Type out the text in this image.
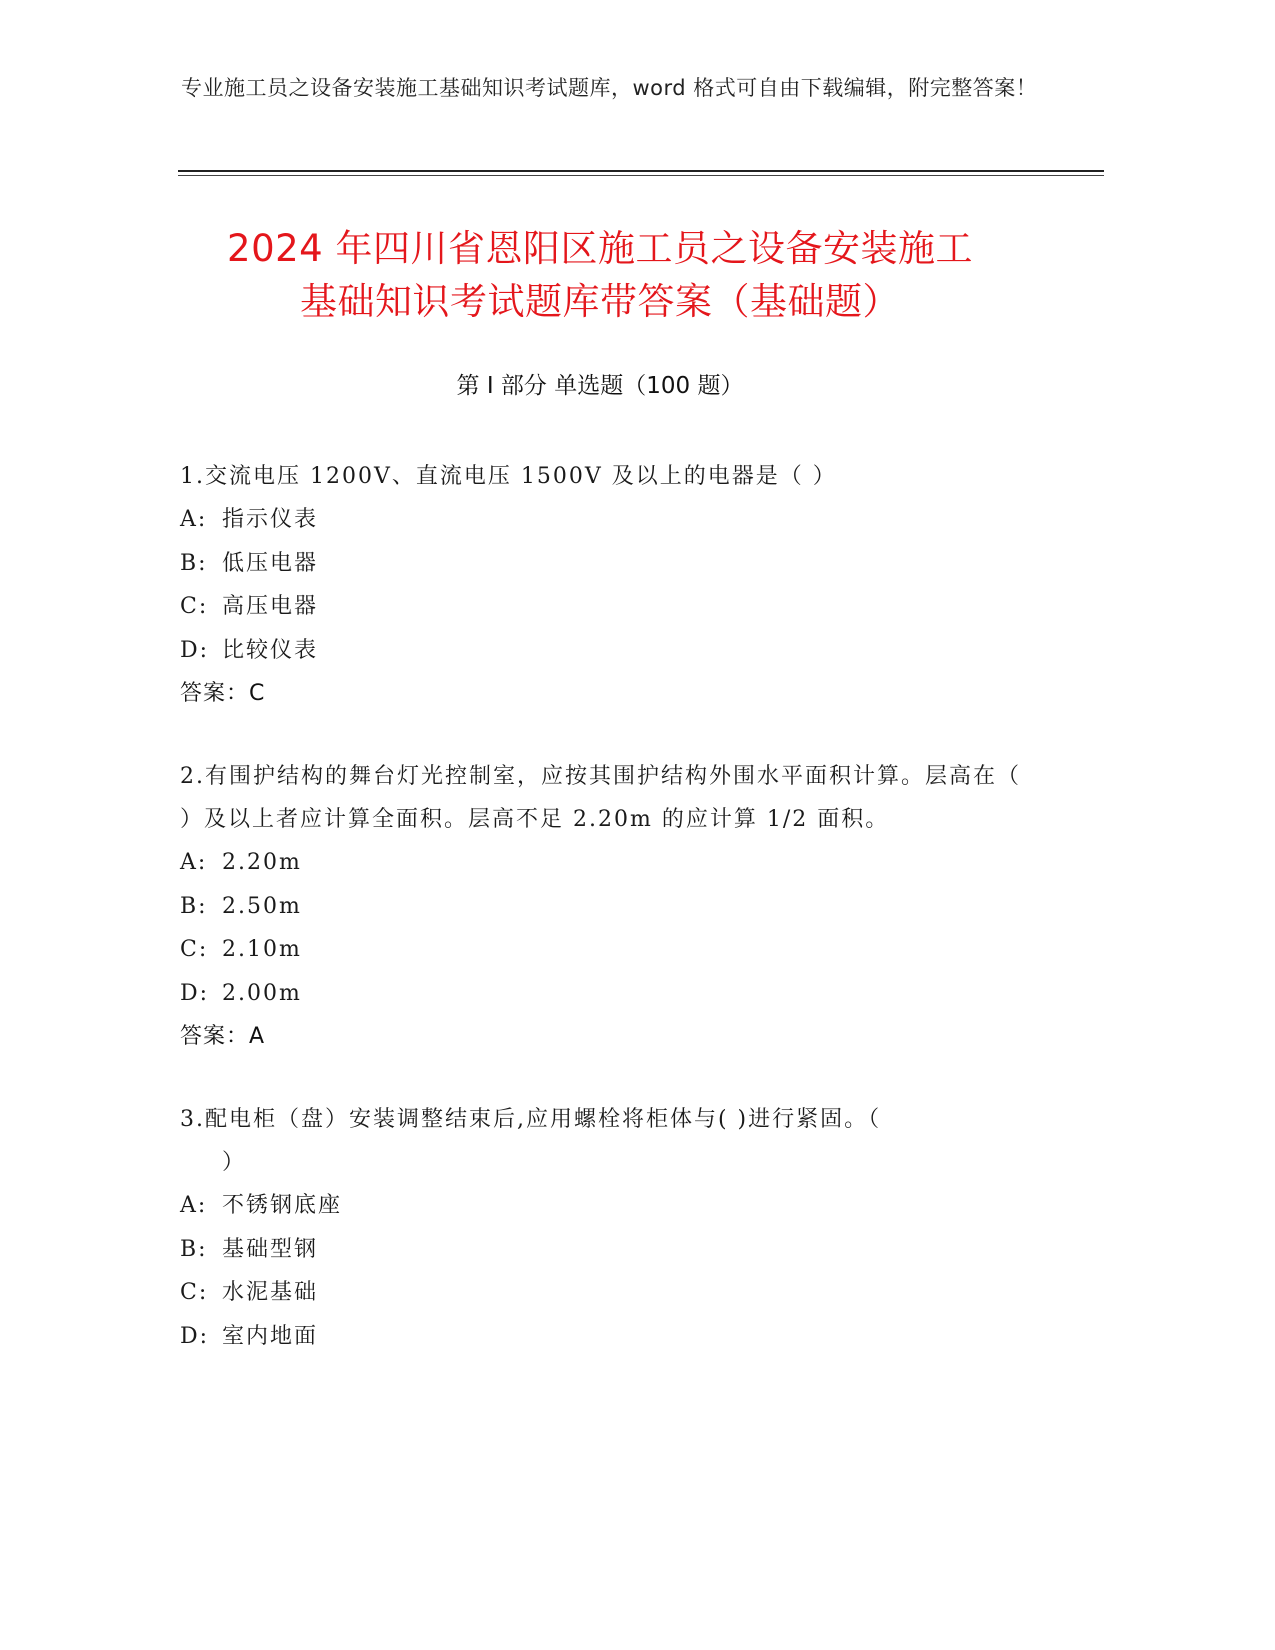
专业施工员之设备安装施工基础知识考试题库，word 格式可自由下载编辑，附完整答案！
2024 年四川省恩阳区施工员之设备安装施工
基础知识考试题库带答案（基础题）
第 I 部分 单选题（100 题）
1.交流电压 1200V、直流电压 1500V 及以上的电器是（ ）
A: 指示仪表
B: 低压电器
C: 高压电器
D: 比较仪表
答案：C
2.有围护结构的舞台灯光控制室，应按其围护结构外围水平面积计算。层高在（ ）及以上者应计算全面积。层高不足 2.20m 的应计算 1/2 面积。
A: 2.20m
B: 2.50m
C: 2.10m
D: 2.00m
答案：A
3.配电柜（盘）安装调整结束后,应用螺栓将柜体与( )进行紧固。（
）
A: 不锈钢底座
B: 基础型钢
C: 水泥基础
D: 室内地面
